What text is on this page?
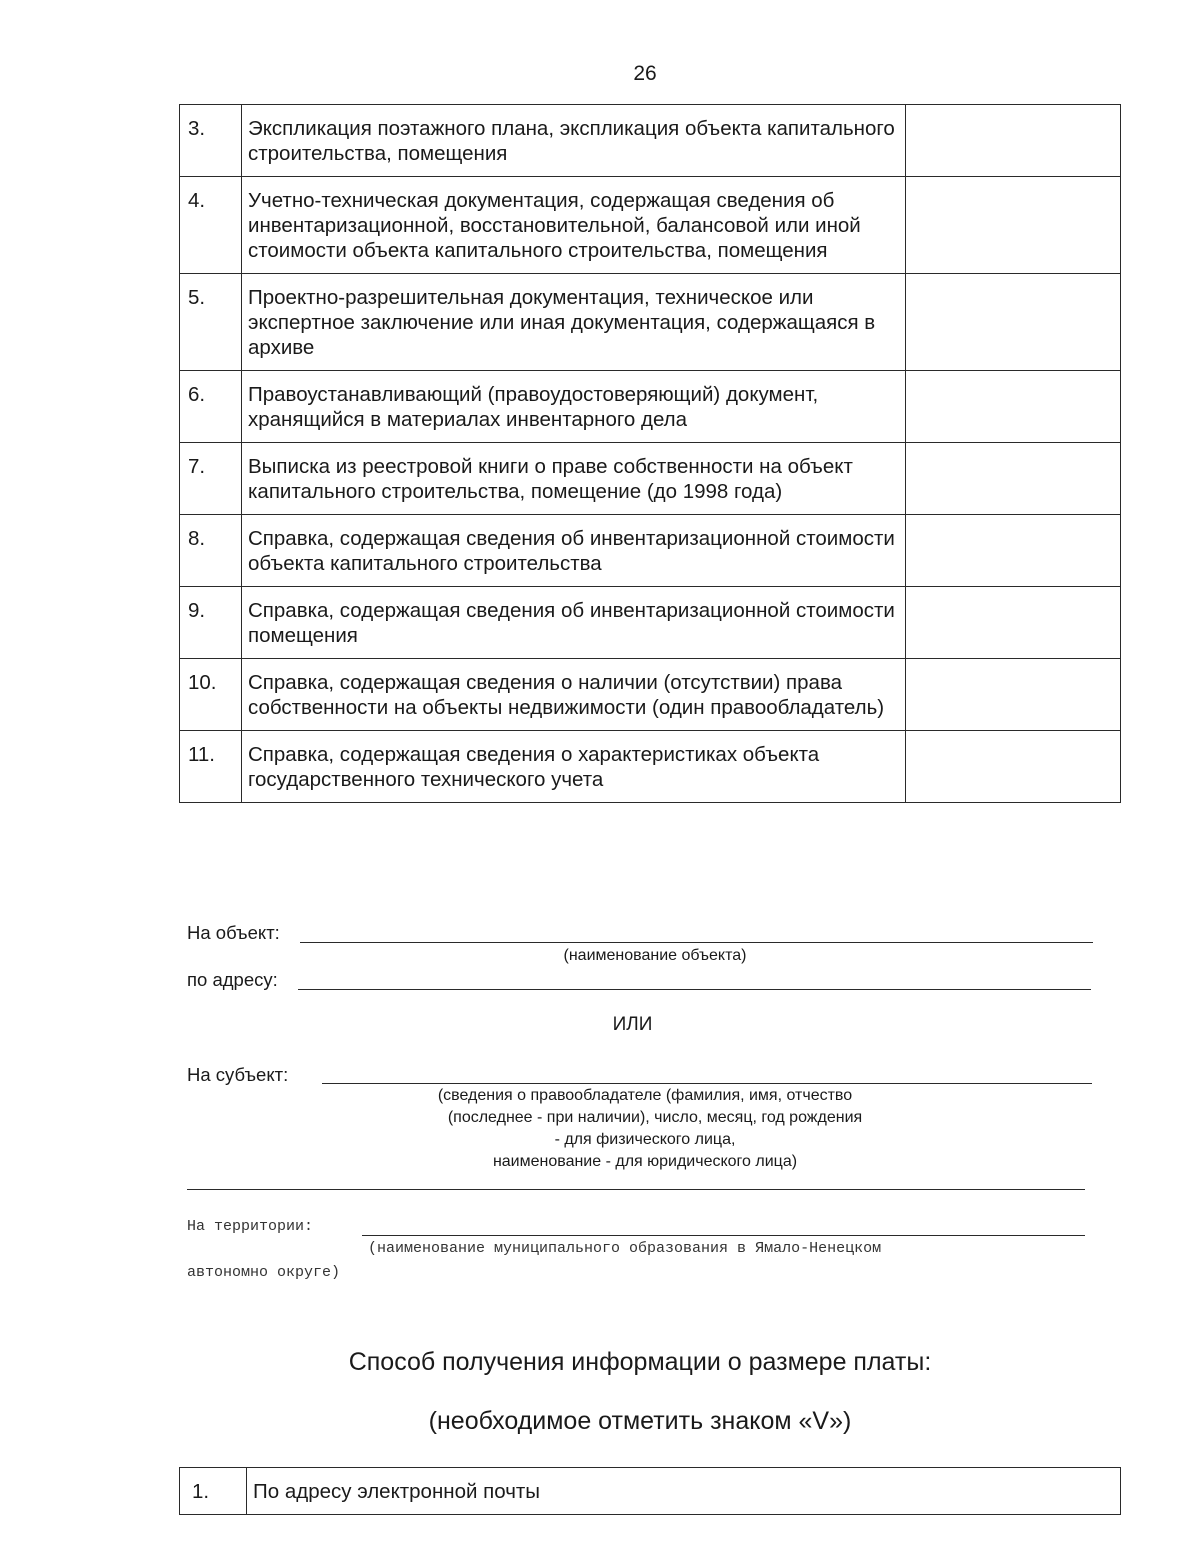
26
3.	Экспликация поэтажного плана, экспликация объекта капитального строительства, помещения	
4.	Учетно-техническая документация, содержащая сведения об инвентаризационной, восстановительной, балансовой или иной стоимости объекта капитального строительства, помещения	
5.	Проектно-разрешительная документация, техническое или экспертное заключение или иная документация, содержащаяся в архиве	
6.	Правоустанавливающий (правоудостоверяющий) документ, хранящийся в материалах инвентарного дела	
7.	Выписка из реестровой книги о праве собственности на объект капитального строительства, помещение (до 1998 года)	
8.	Справка, содержащая сведения об инвентаризационной стоимости объекта капитального строительства	
9.	Справка, содержащая сведения об инвентаризационной стоимости помещения	
10.	Справка, содержащая сведения о наличии (отсутствии) права собственности на объекты недвижимости (один правообладатель)	
11.	Справка, содержащая сведения о характеристиках объекта государственного технического учета	
На объект:
(наименование объекта)
по адресу:
ИЛИ
На субъект:
(сведения о правообладателе (фамилия, имя, отчество
(последнее - при наличии), число, месяц, год рождения
- для физического лица,
наименование - для юридического лица)
На территории:
(наименование муниципального образования в Ямало-Ненецком
автономно округе)
Способ получения информации о размере платы:
(необходимое отметить знаком «V»)
1.	По адресу электронной почты
